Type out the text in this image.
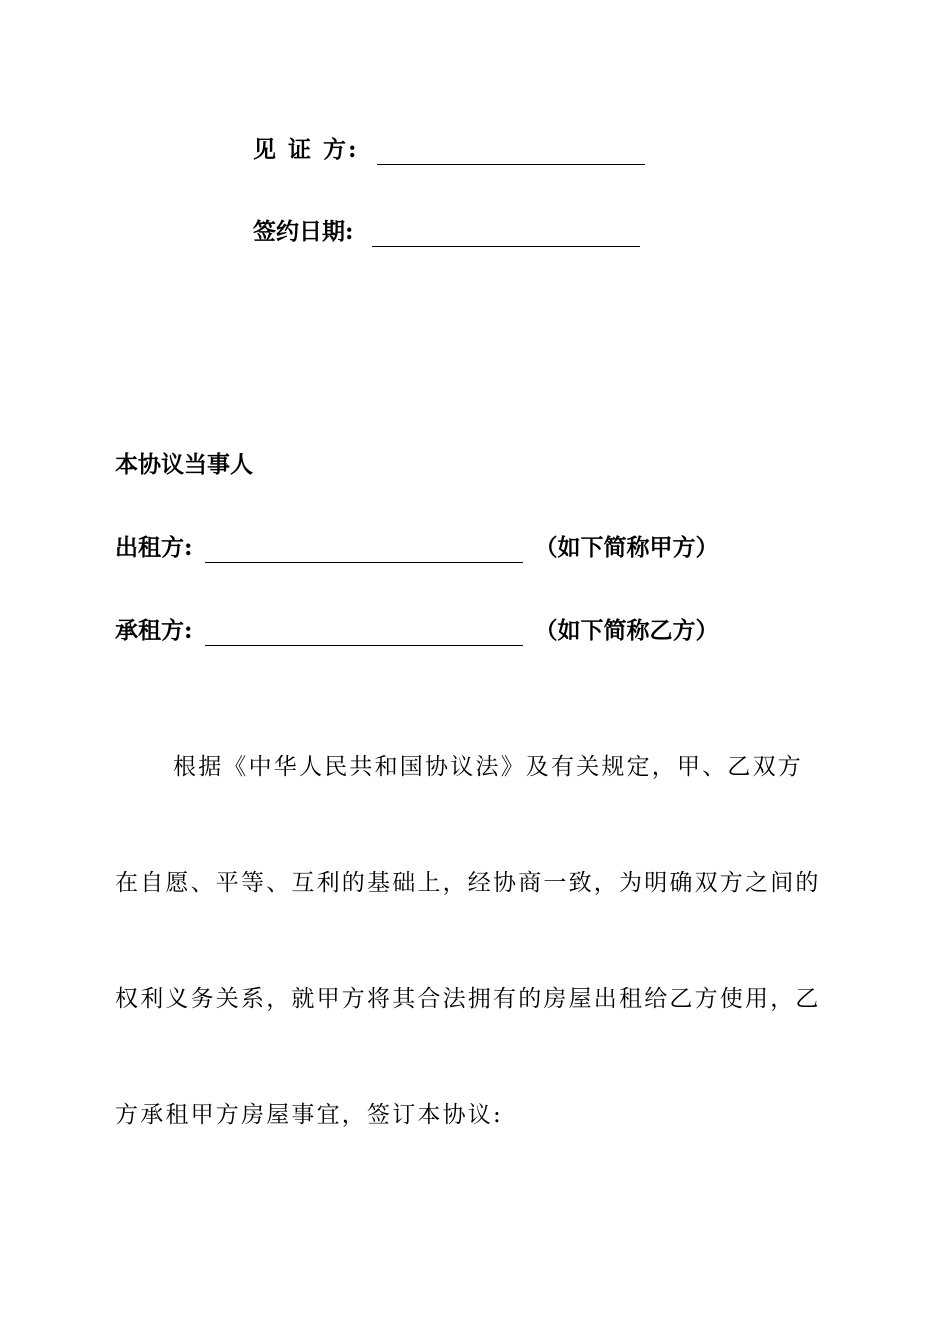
见 证 方:
签约日期:
本协议当事人
出租方:	（如下简称甲方）
承租方:	（如下简称乙方）
根据《中华人民共和国协议法》及有关规定，甲、乙双方
在自愿、平等、互利的基础上，经协商一致，为明确双方之间的
权利义务关系，就甲方将其合法拥有的房屋出租给乙方使用，乙
方承租甲方房屋事宜，签订本协议:
